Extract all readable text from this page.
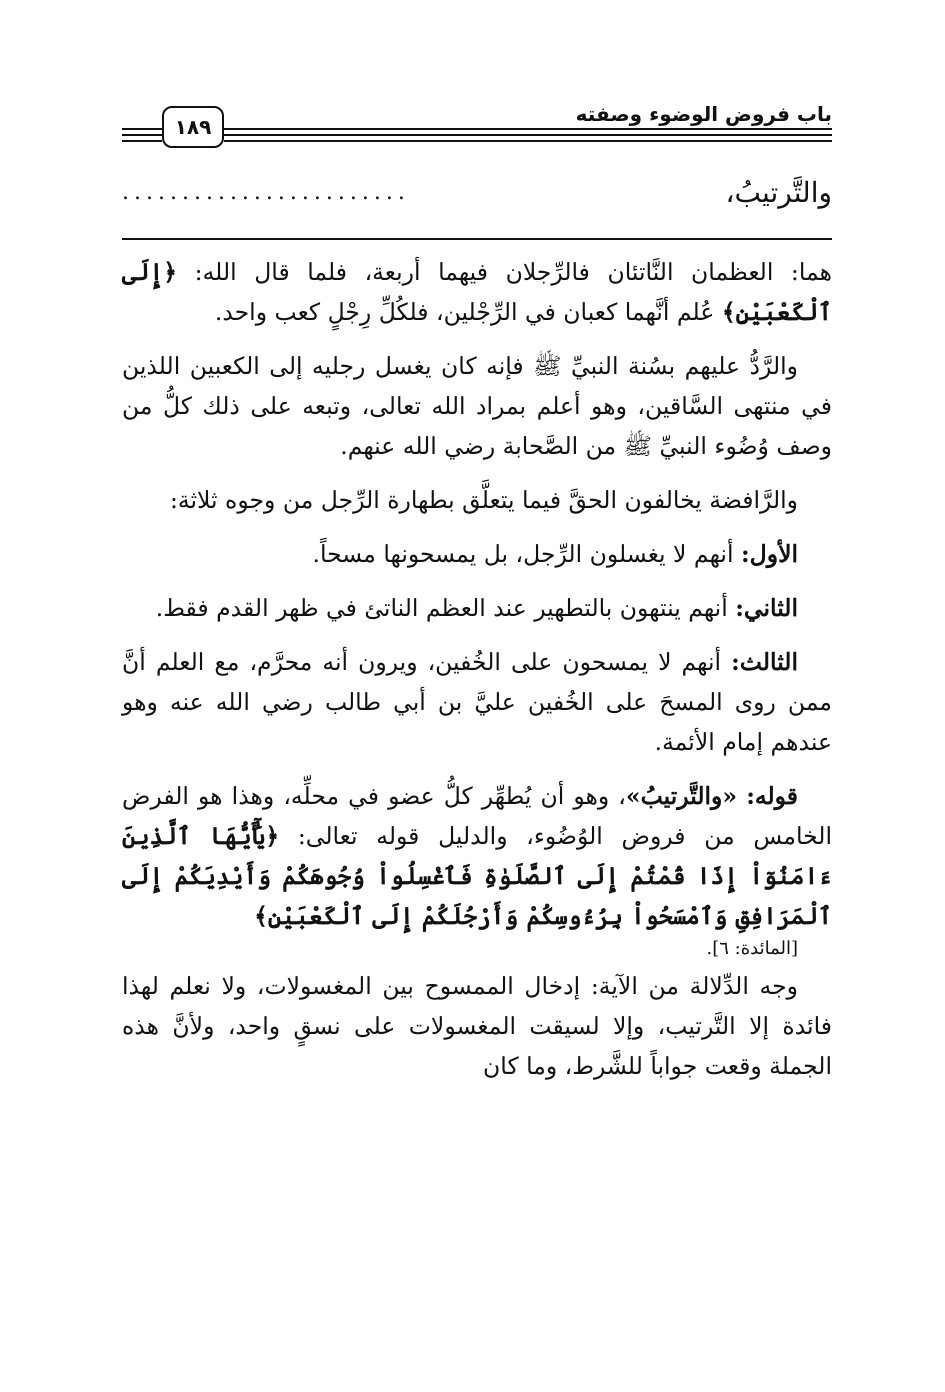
باب فروض الوضوء وصفته
١٨٩
والتَّرتيبُ،
........................

هما: العظمان النَّاتئان فالرِّجلان فيهما أربعة، فلما قال الله: ﴿إِلَى ٱلْكَعْبَيْنِ﴾ عُلم أنَّهما كعبان في الرِّجْلين، فلكُلِّ رِجْلٍ كعب واحد.

والرَّدُّ عليهم بسُنة النبيِّ ﷺ فإنه كان يغسل رجليه إلى الكعبين اللذين في منتهى السَّاقين، وهو أعلم بمراد الله تعالى، وتبعه على ذلك كلُّ من وصف وُضُوء النبيِّ ﷺ من الصَّحابة رضي الله عنهم.

والرَّافضة يخالفون الحقَّ فيما يتعلَّق بطهارة الرِّجل من وجوه ثلاثة:

الأول: أنهم لا يغسلون الرِّجل، بل يمسحونها مسحاً.

الثاني: أنهم ينتهون بالتطهير عند العظم الناتئ في ظهر القدم فقط.

الثالث: أنهم لا يمسحون على الخُفين، ويرون أنه محرَّم، مع العلم أنَّ ممن روى المسحَ على الخُفين عليَّ بن أبي طالب رضي الله عنه وهو عندهم إمام الأئمة.

قوله: «والتَّرتيبُ»، وهو أن يُطهِّر كلُّ عضو في محلِّه، وهذا هو الفرض الخامس من فروض الوُضُوء، والدليل قوله تعالى: ﴿يَٰٓأَيُّهَا ٱلَّذِينَ ءَامَنُوٓاْ إِذَا قُمْتُمْ إِلَى ٱلصَّلَوٰةِ فَٱغْسِلُواْ وُجُوهَكُمْ وَأَيْدِيَكُمْ إِلَى ٱلْمَرَافِقِ وَٱمْسَحُواْ بِرُءُوسِكُمْ وَأَرْجُلَكُمْ إِلَى ٱلْكَعْبَيْنِ﴾
[المائدة: ٦].

وجه الدِّلالة من الآية: إدخال الممسوح بين المغسولات، ولا نعلم لهذا فائدة إلا التَّرتيب، وإلا لسيقت المغسولات على نسقٍ واحد، ولأنَّ هذه الجملة وقعت جواباً للشَّرط، وما كان
